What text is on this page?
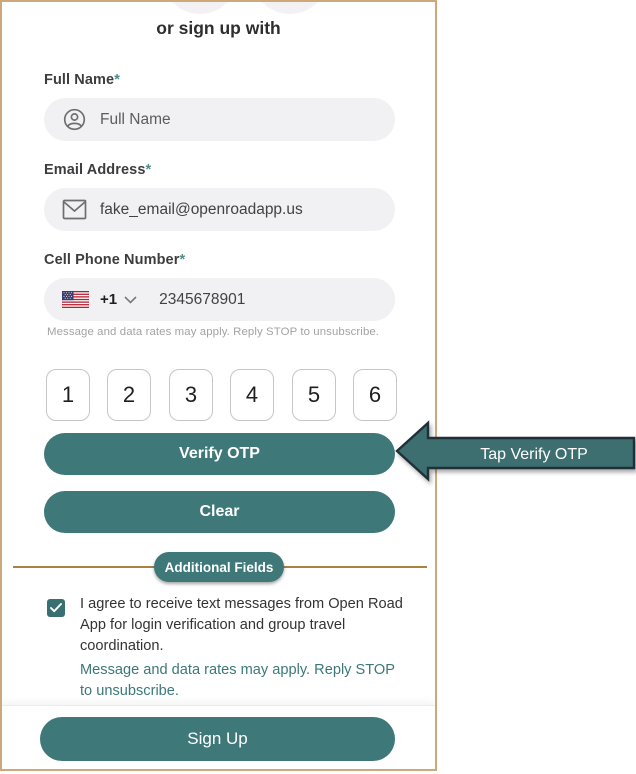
or sign up with
Full Name*
Full Name
Email Address*
fake_email@openroadapp.us
Cell Phone Number*
+1	2345678901
Message and data rates may apply. Reply STOP to unsubscribe.
1	2	3	4	5	6
Verify OTP
Clear
Additional Fields
I agree to receive text messages from Open Road App for login verification and group travel coordination.
Message and data rates may apply. Reply STOP to unsubscribe.
Sign Up
Tap Verify OTP
